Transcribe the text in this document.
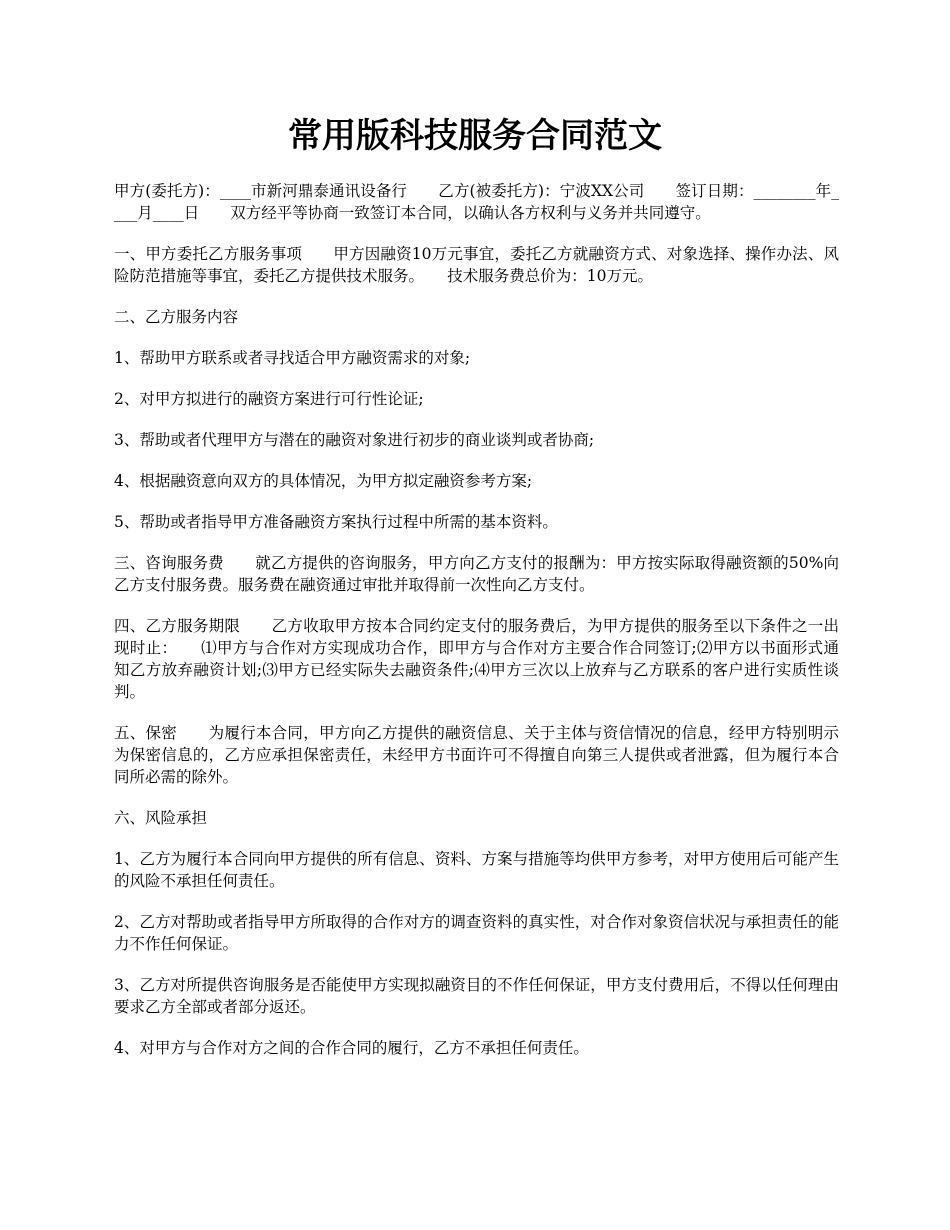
常用版科技服务合同范文

甲方(委托方)：____市新河鼎泰通讯设备行　　乙方(被委托方)：宁波XX公司　　签订日期：________年____月____日　　双方经平等协商一致签订本合同，以确认各方权利与义务并共同遵守。

一、甲方委托乙方服务事项　　甲方因融资10万元事宜，委托乙方就融资方式、对象选择、操作办法、风险防范措施等事宜，委托乙方提供技术服务。　　技术服务费总价为：10万元。

二、乙方服务内容

1、帮助甲方联系或者寻找适合甲方融资需求的对象;

2、对甲方拟进行的融资方案进行可行性论证;

3、帮助或者代理甲方与潜在的融资对象进行初步的商业谈判或者协商;

4、根据融资意向双方的具体情况，为甲方拟定融资参考方案;

5、帮助或者指导甲方准备融资方案执行过程中所需的基本资料。

三、咨询服务费　　就乙方提供的咨询服务，甲方向乙方支付的报酬为：甲方按实际取得融资额的50%向乙方支付服务费。服务费在融资通过审批并取得前一次性向乙方支付。

四、乙方服务期限　　乙方收取甲方按本合同约定支付的服务费后，为甲方提供的服务至以下条件之一出现时止：　　⑴甲方与合作对方实现成功合作，即甲方与合作对方主要合作合同签订;⑵甲方以书面形式通知乙方放弃融资计划;⑶甲方已经实际失去融资条件;⑷甲方三次以上放弃与乙方联系的客户进行实质性谈判。

五、保密　　为履行本合同，甲方向乙方提供的融资信息、关于主体与资信情况的信息，经甲方特别明示为保密信息的，乙方应承担保密责任，未经甲方书面许可不得擅自向第三人提供或者泄露，但为履行本合同所必需的除外。

六、风险承担

1、乙方为履行本合同向甲方提供的所有信息、资料、方案与措施等均供甲方参考，对甲方使用后可能产生的风险不承担任何责任。

2、乙方对帮助或者指导甲方所取得的合作对方的调查资料的真实性，对合作对象资信状况与承担责任的能力不作任何保证。

3、乙方对所提供咨询服务是否能使甲方实现拟融资目的不作任何保证，甲方支付费用后，不得以任何理由要求乙方全部或者部分返还。

4、对甲方与合作对方之间的合作合同的履行，乙方不承担任何责任。
